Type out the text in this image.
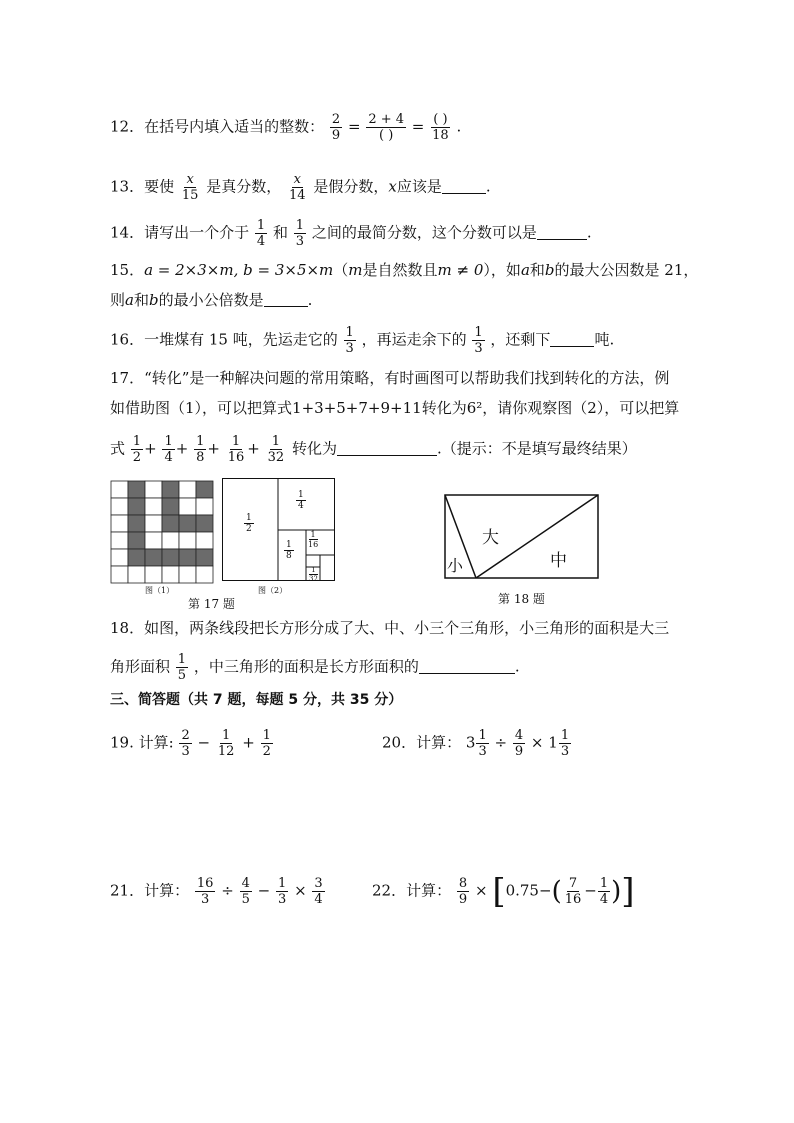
12．在括号内填入适当的整数： $\frac{2}{9} = \frac{2 + 4}{( )} = \frac{( )}{18}$ .
13．要使 $\frac{x}{15}$ 是真分数， $\frac{x}{14}$ 是假分数，x应该是	.
14．请写出一个介于 $\frac{1}{4}$ 和 $\frac{1}{3}$ 之间的最简分数，这个分数可以是	.
15．a = 2×3×m, b = 3×5×m（m是自然数且m ≠ 0），如a和b的最大公因数是 21，
则a和b的最小公倍数是	.
16．一堆煤有 15 吨，先运走它的 $\frac{1}{3}$ ，再运走余下的 $\frac{1}{3}$ ，还剩下	吨.
17．“转化”是一种解决问题的常用策略，有时画图可以帮助我们找到转化的方法，例
如借助图（1），可以把算式1+3+5+7+9+11转化为6²，请你观察图（2），可以把算
式 $\frac{1}{2} + \frac{1}{4} + \frac{1}{8} + \frac{1}{16} + \frac{1}{32}$ 转化为	.（提示：不是填写最终结果）
图（1）
$\frac{1}{2}$
$\frac{1}{4}$
$\frac{1}{8}$
$\frac{1}{16}$
$\frac{1}{32}$
图（2）
第 17 题
大
中
小
第 18 题
18．如图，两条线段把长方形分成了大、中、小三个三角形，小三角形的面积是大三
角形面积 $\frac{1}{5}$ ，中三角形的面积是长方形面积的	.
三、简答题（共 7 题，每题 5 分，共 35 分）
19. 计算: $\frac{2}{3} - \frac{1}{12} + \frac{1}{2}$	20．计算： $3 \frac{1}{3} \div \frac{4}{9} \times 1 \frac{1}{3}$
21．计算： $\frac{16}{3} \div \frac{4}{5} - \frac{1}{3} \times \frac{3}{4}$	22．计算： $\frac{8}{9} \times [0.75-( \frac{7}{16} - \frac{1}{4}$ )]
